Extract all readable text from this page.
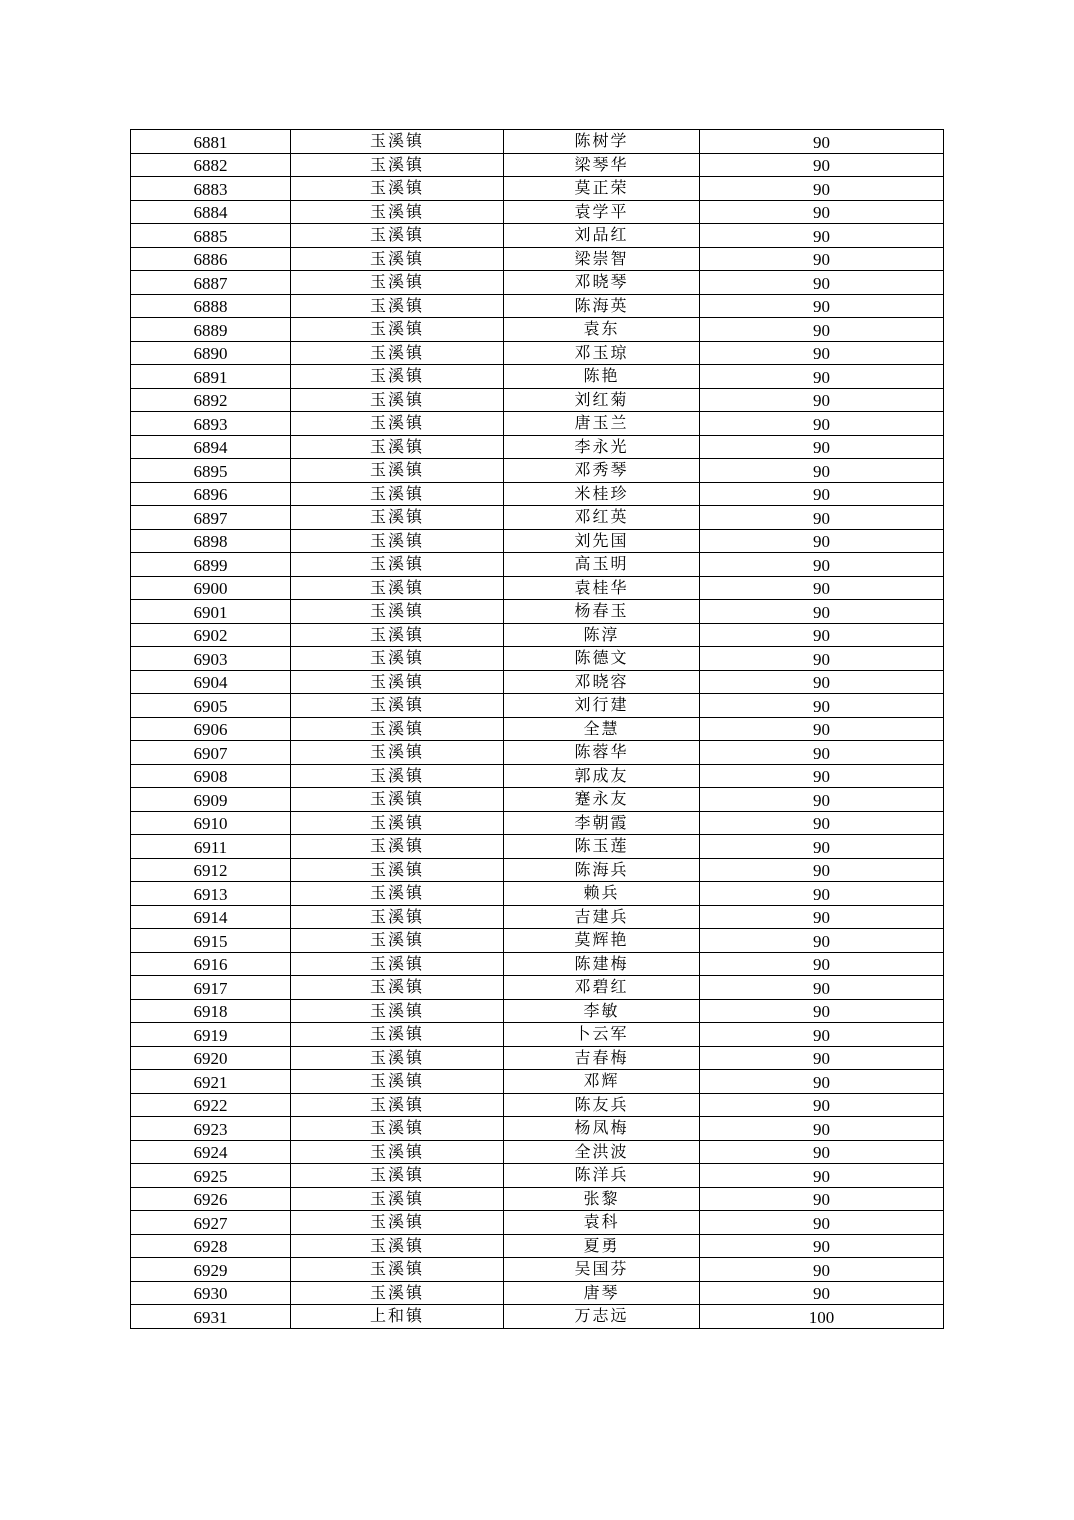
6881	玉溪镇	陈树学	90
6882	玉溪镇	梁琴华	90
6883	玉溪镇	莫正荣	90
6884	玉溪镇	袁学平	90
6885	玉溪镇	刘品红	90
6886	玉溪镇	梁崇智	90
6887	玉溪镇	邓晓琴	90
6888	玉溪镇	陈海英	90
6889	玉溪镇	袁东	90
6890	玉溪镇	邓玉琼	90
6891	玉溪镇	陈艳	90
6892	玉溪镇	刘红菊	90
6893	玉溪镇	唐玉兰	90
6894	玉溪镇	李永光	90
6895	玉溪镇	邓秀琴	90
6896	玉溪镇	米桂珍	90
6897	玉溪镇	邓红英	90
6898	玉溪镇	刘先国	90
6899	玉溪镇	高玉明	90
6900	玉溪镇	袁桂华	90
6901	玉溪镇	杨春玉	90
6902	玉溪镇	陈淳	90
6903	玉溪镇	陈德文	90
6904	玉溪镇	邓晓容	90
6905	玉溪镇	刘行建	90
6906	玉溪镇	全慧	90
6907	玉溪镇	陈蓉华	90
6908	玉溪镇	郭成友	90
6909	玉溪镇	蹇永友	90
6910	玉溪镇	李朝霞	90
6911	玉溪镇	陈玉莲	90
6912	玉溪镇	陈海兵	90
6913	玉溪镇	赖兵	90
6914	玉溪镇	吉建兵	90
6915	玉溪镇	莫辉艳	90
6916	玉溪镇	陈建梅	90
6917	玉溪镇	邓碧红	90
6918	玉溪镇	李敏	90
6919	玉溪镇	卜云军	90
6920	玉溪镇	吉春梅	90
6921	玉溪镇	邓辉	90
6922	玉溪镇	陈友兵	90
6923	玉溪镇	杨凤梅	90
6924	玉溪镇	全洪波	90
6925	玉溪镇	陈洋兵	90
6926	玉溪镇	张黎	90
6927	玉溪镇	袁科	90
6928	玉溪镇	夏勇	90
6929	玉溪镇	吴国芬	90
6930	玉溪镇	唐琴	90
6931	上和镇	万志远	100
